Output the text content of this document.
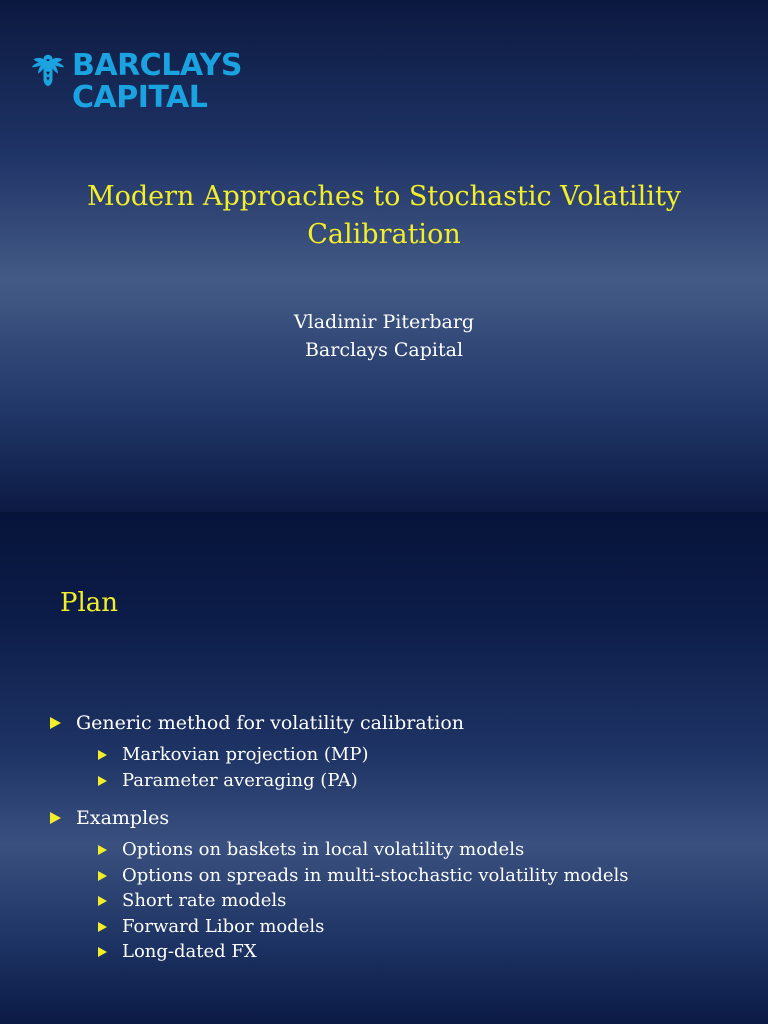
BARCLAYS
CAPITAL
Modern Approaches to Stochastic Volatility
Calibration
Vladimir Piterbarg
Barclays Capital
Plan
Generic method for volatility calibration
Markovian projection (MP)
Parameter averaging (PA)
Examples
Options on baskets in local volatility models
Options on spreads in multi-stochastic volatility models
Short rate models
Forward Libor models
Long-dated FX
